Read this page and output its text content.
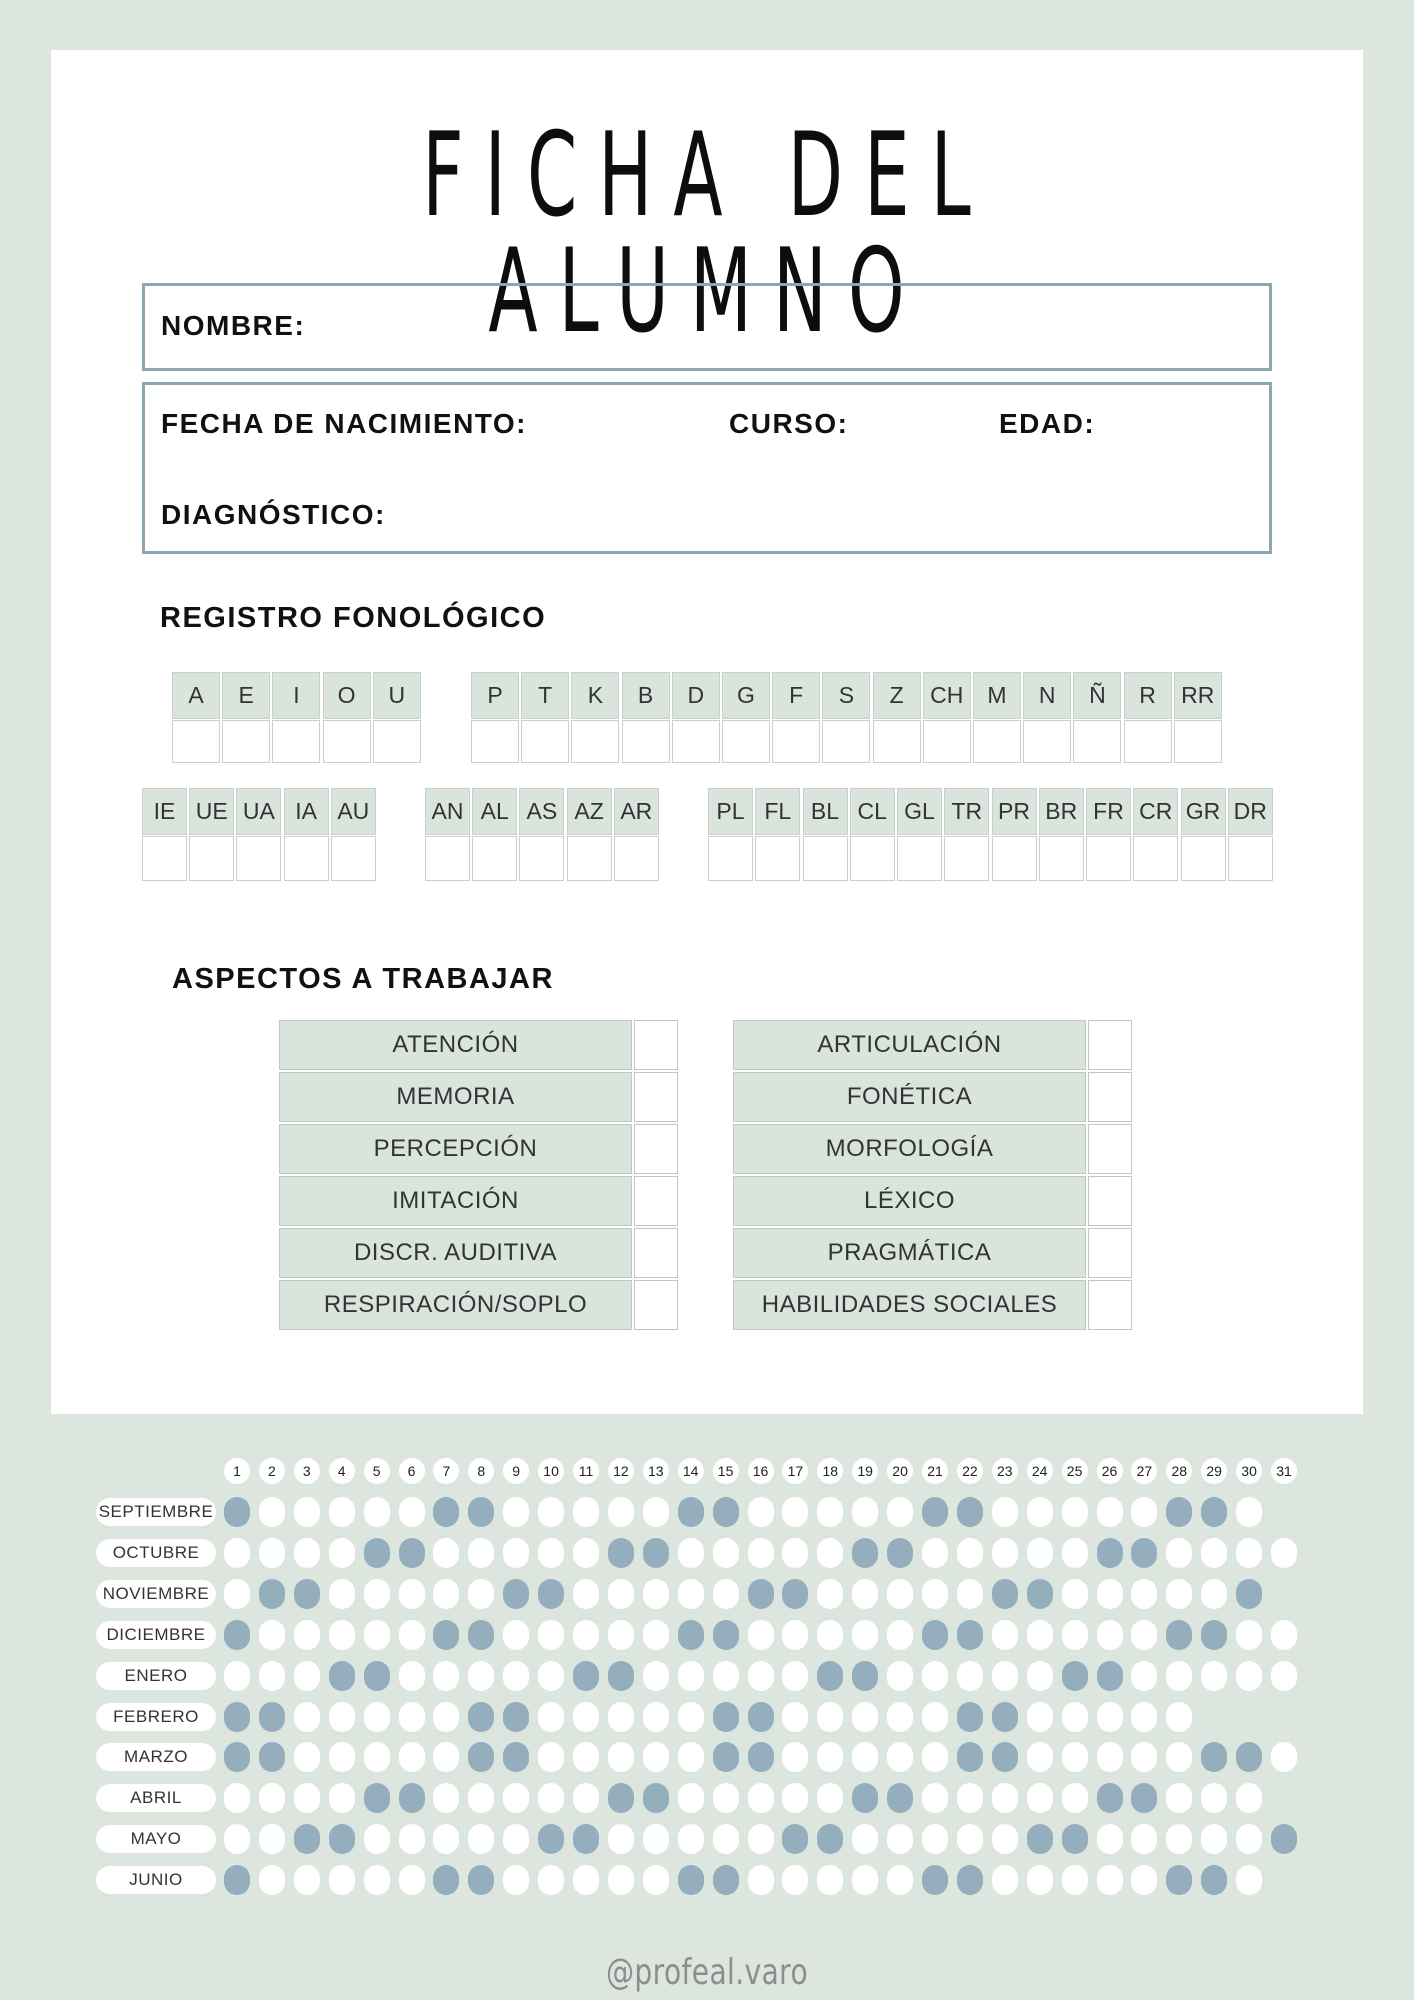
FICHA DEL ALUMNO
NOMBRE:
FECHA DE NACIMIENTO:	CURSO:	EDAD:
DIAGNÓSTICO:
REGISTRO FONOLÓGICO
A	E	I	O	U	P	T	K	B	D	G	F	S	Z	CH	M	N	Ñ	R	RR
IE UE UA IA AU	AN AL AS AZ AR	PL FL BL CL GL TR PR BR FR CR GR DR
ASPECTOS A TRABAJAR
ATENCIÓN
MEMORIA
PERCEPCIÓN
IMITACIÓN
DISCR. AUDITIVA
RESPIRACIÓN/SOPLO
ARTICULACIÓN
FONÉTICA
MORFOLOGÍA
LÉXICO
PRAGMÁTICA
HABILIDADES SOCIALES
1	2	3	4	5	6	7	8	9	10	11	12	13	14	15	16	17	18	19	20	21	22	23	24	25	26	27	28	29	30	31
SEPTIEMBRE
OCTUBRE
NOVIEMBRE
DICIEMBRE
ENERO
FEBRERO
MARZO
ABRIL
MAYO
JUNIO
@profeal.varo
